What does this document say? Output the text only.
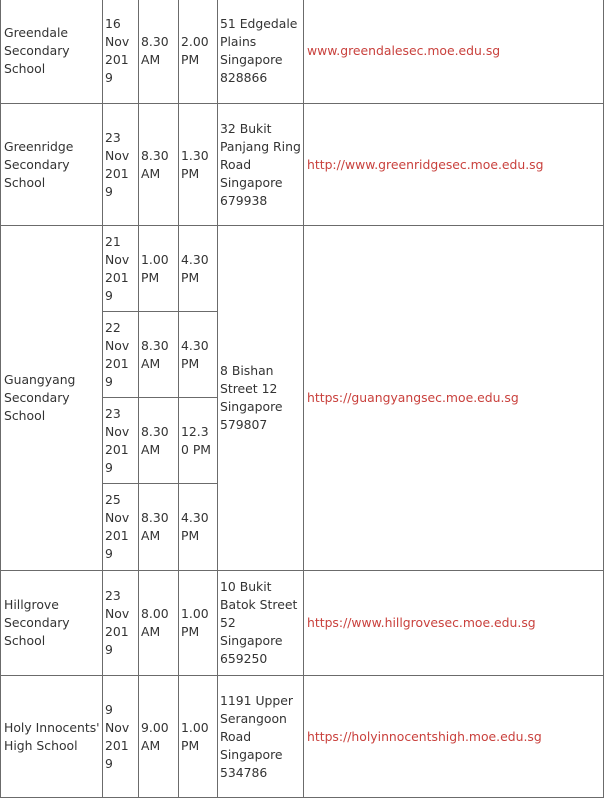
Greendale Secondary School	16 Nov 2019	8.30 AM	2.00 PM	51 Edgedale Plains Singapore 828866	www.greendalesec.moe.edu.sg
Greenridge Secondary School	23 Nov 2019	8.30 AM	1.30 PM	32 Bukit Panjang Ring Road Singapore 679938	http://www.greenridgesec.moe.edu.sg
Guangyang Secondary School	21 Nov 2019	1.00 PM	4.30 PM	8 Bishan Street 12 Singapore 579807	https://guangyangsec.moe.edu.sg
	22 Nov 2019	8.30 AM	4.30 PM		
	23 Nov 2019	8.30 AM	12.30 PM		
	25 Nov 2019	8.30 AM	4.30 PM		
Hillgrove Secondary School	23 Nov 2019	8.00 AM	1.00 PM	10 Bukit Batok Street 52 Singapore 659250	https://www.hillgrovesec.moe.edu.sg
Holy Innocents' High School	9 Nov 2019	9.00 AM	1.00 PM	1191 Upper Serangoon Road Singapore 534786	https://holyinnocentshigh.moe.edu.sg
